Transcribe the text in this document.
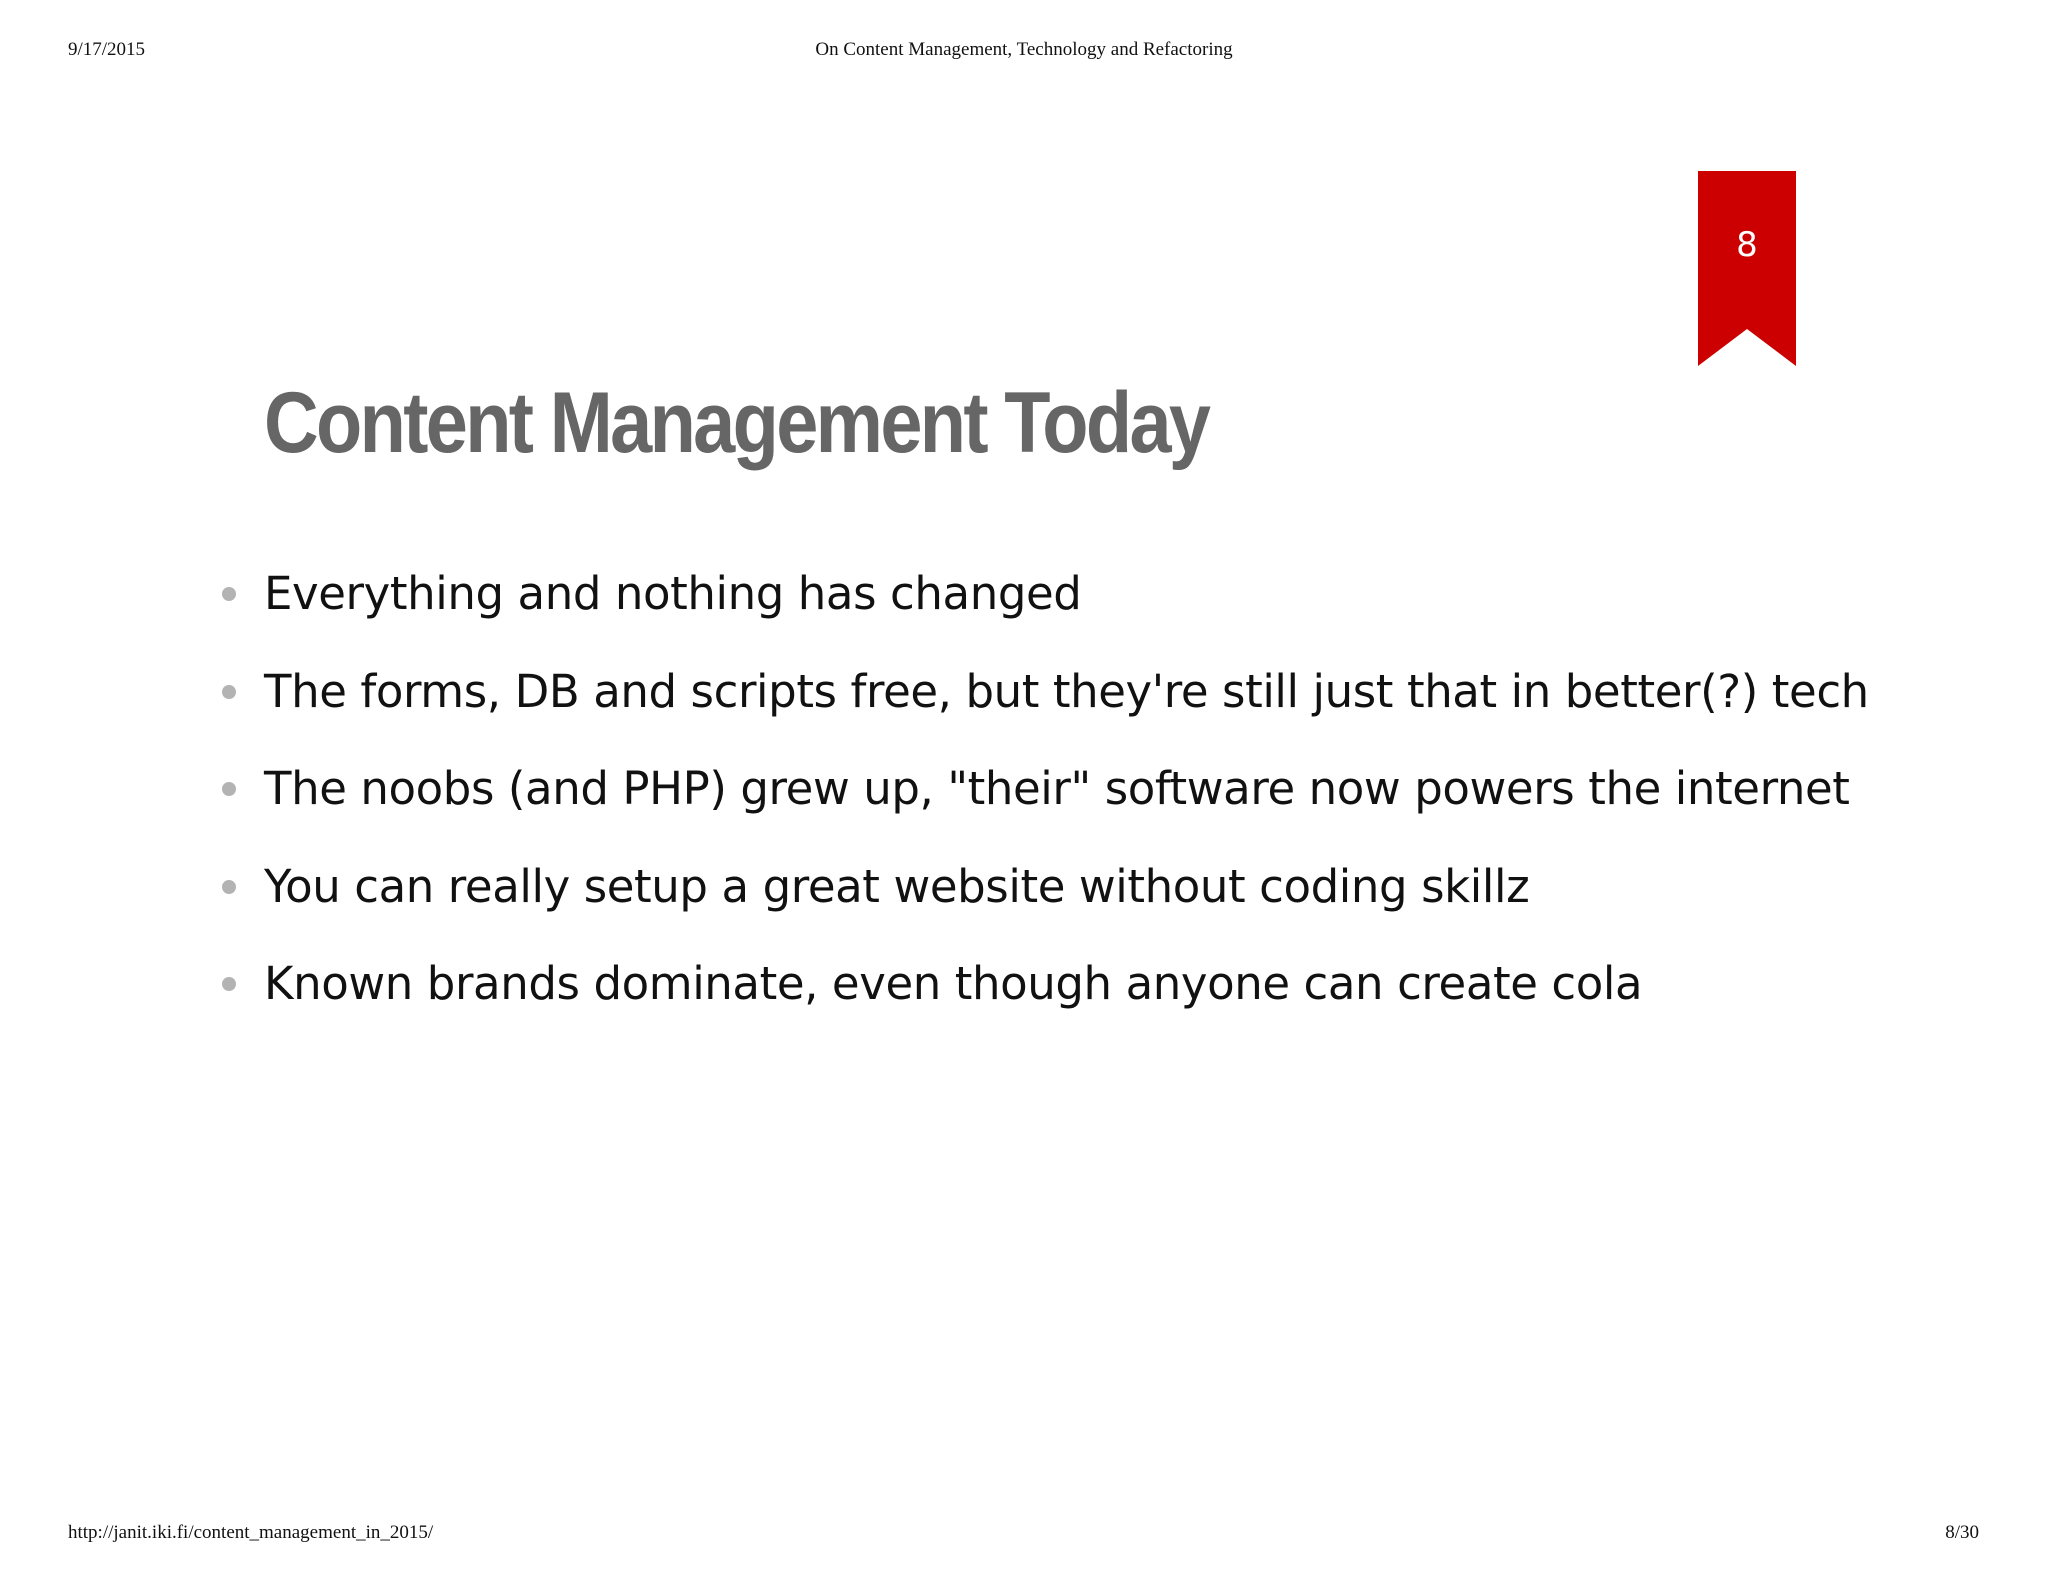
9/17/2015	On Content Management, Technology and Refactoring
8
Content Management Today
Everything and nothing has changed
The forms, DB and scripts free, but they're still just that in better(?) tech
The noobs (and PHP) grew up, "their" software now powers the internet
You can really setup a great website without coding skillz
Known brands dominate, even though anyone can create cola
http://janit.iki.fi/content_management_in_2015/	8/30
